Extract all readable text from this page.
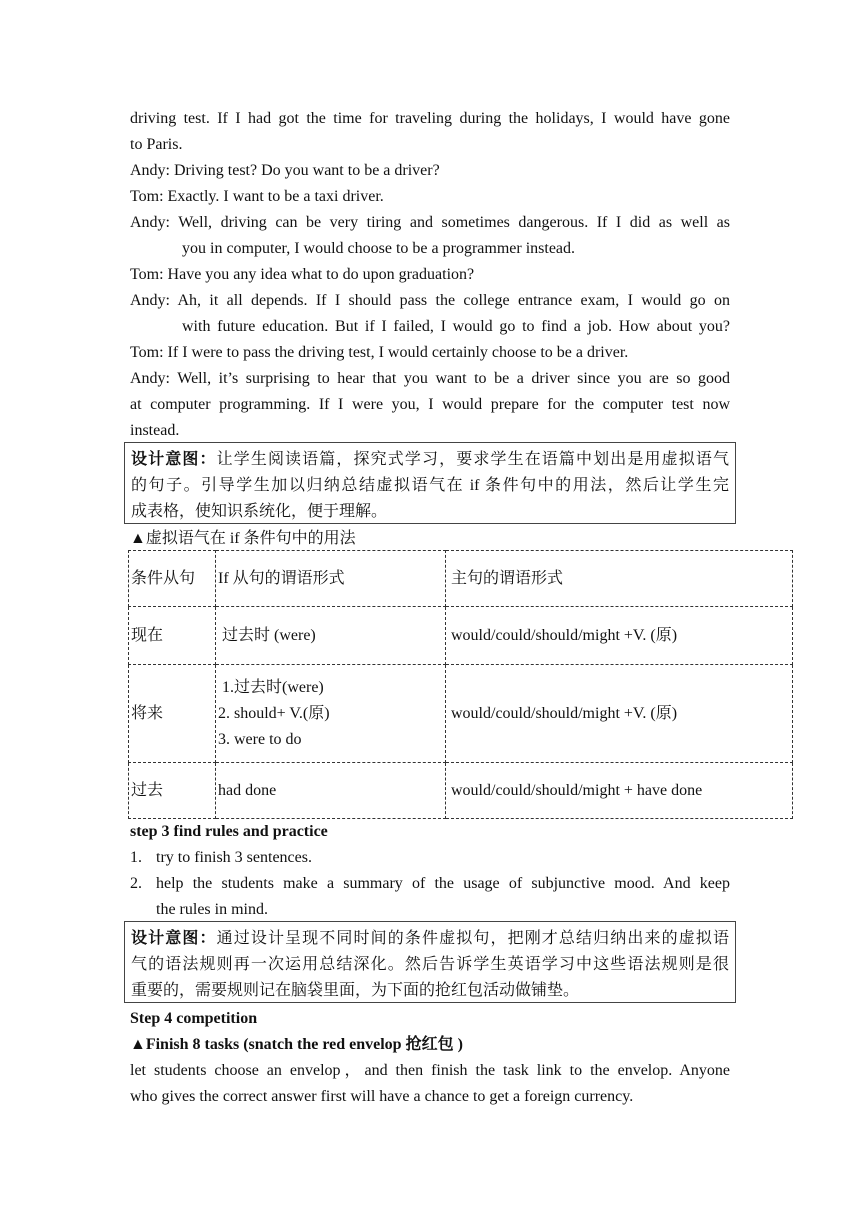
driving test. If I had got the time for traveling during the holidays, I would have gone
to Paris.
Andy: Driving test? Do you want to be a driver?
Tom: Exactly. I want to be a taxi driver.
Andy: Well, driving can be very tiring and sometimes dangerous. If I did as well as
you in computer, I would choose to be a programmer instead.
Tom: Have you any idea what to do upon graduation?
Andy: Ah, it all depends. If I should pass the college entrance exam, I would go on
with future education. But if I failed, I would go to find a job. How about you?
Tom: If I were to pass the driving test, I would certainly choose to be a driver.
Andy: Well, it’s surprising to hear that you want to be a driver since you are so good
at computer programming. If I were you, I would prepare for the computer test now
instead.
设计意图：让学生阅读语篇，探究式学习，要求学生在语篇中划出是用虚拟语气
的句子。引导学生加以归纳总结虚拟语气在 if 条件句中的用法，然后让学生完
成表格，使知识系统化，便于理解。
▲虚拟语气在 if 条件句中的用法
条件从句	If 从句的谓语形式	主句的谓语形式
现在	过去时 (were)	would/could/should/might +V. (原)
将来	1.过去时(were)
2. should+ V.(原)
3. were to do	would/could/should/might +V. (原)
过去	had done	would/could/should/might + have done
step 3 find rules and practice
1. try to finish 3 sentences.
2. help the students make a summary of the usage of subjunctive mood. And keep
the rules in mind.
设计意图：通过设计呈现不同时间的条件虚拟句，把刚才总结归纳出来的虚拟语
气的语法规则再一次运用总结深化。然后告诉学生英语学习中这些语法规则是很
重要的，需要规则记在脑袋里面，为下面的抢红包活动做铺垫。
Step 4 competition
▲Finish 8 tasks (snatch the red envelop 抢红包 )
let students choose an envelop，and then finish the task link to the envelop. Anyone
who gives the correct answer first will have a chance to get a foreign currency.
